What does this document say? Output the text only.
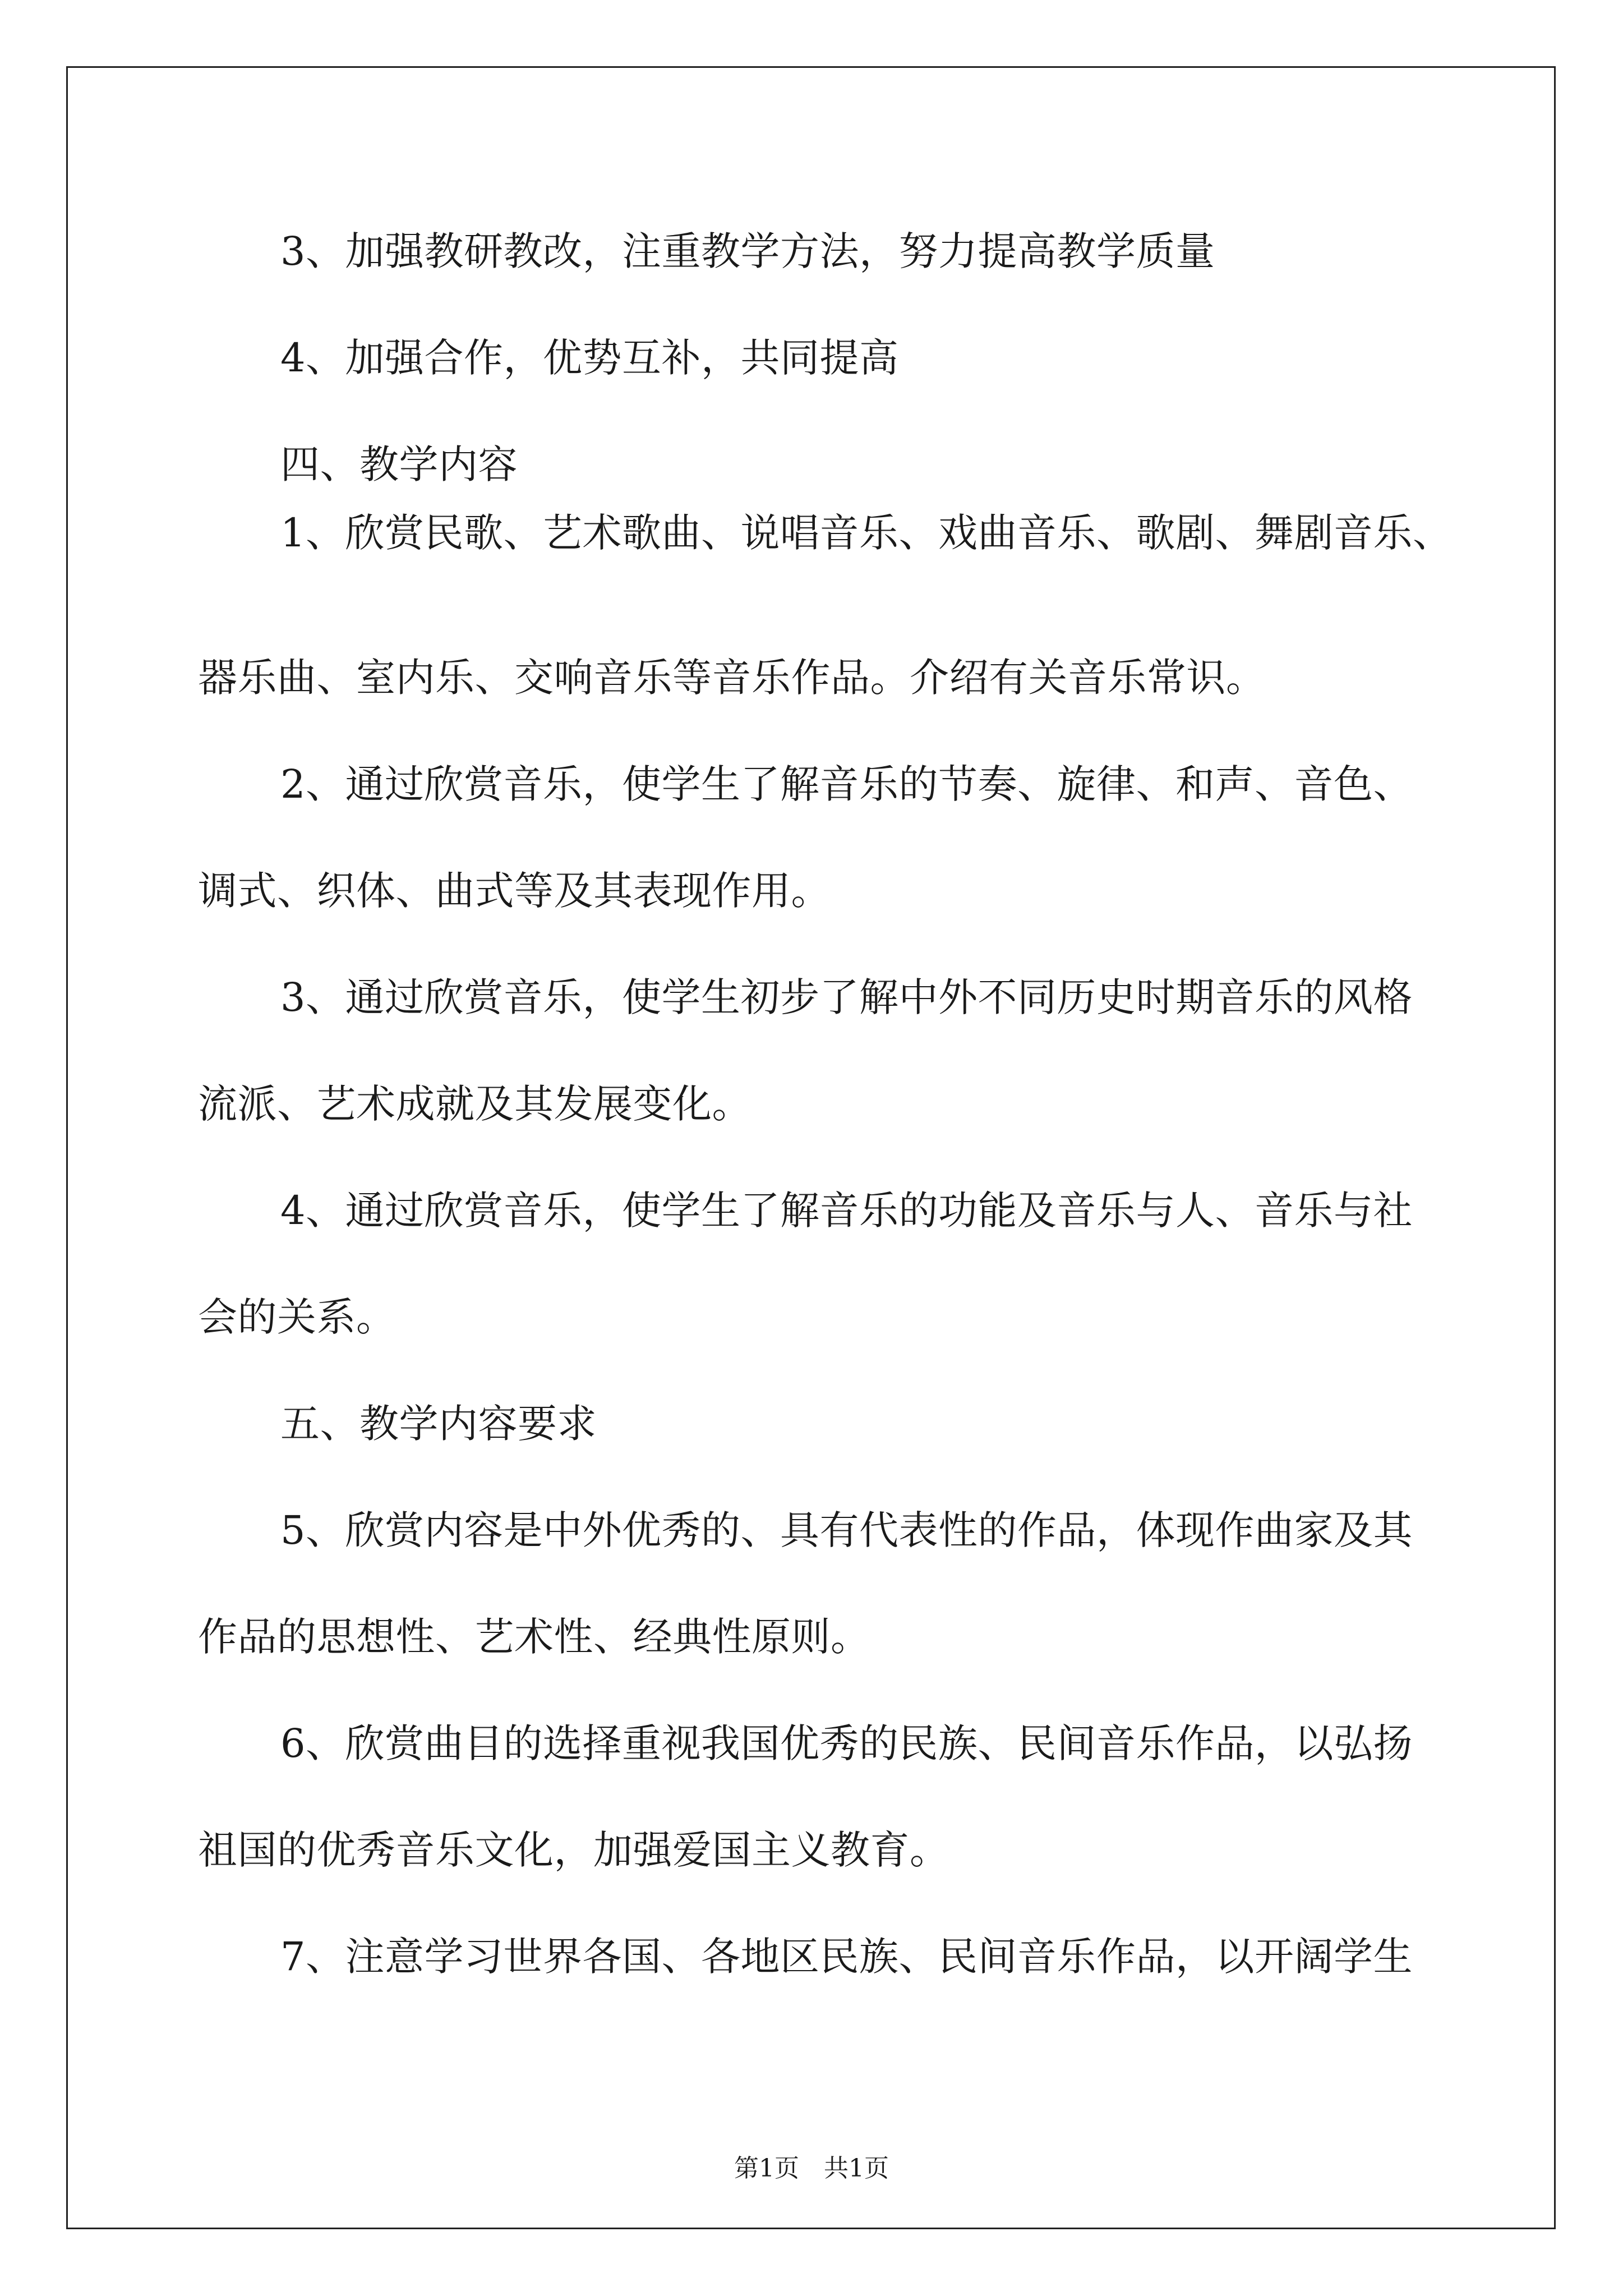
3、加强教研教改，注重教学方法，努力提高教学质量
4、加强合作，优势互补，共同提高
四、教学内容
1、欣赏民歌、艺术歌曲、说唱音乐、戏曲音乐、歌剧、舞剧音乐、
器乐曲、室内乐、交响音乐等音乐作品。介绍有关音乐常识。
2、通过欣赏音乐，使学生了解音乐的节奏、旋律、和声、音色、
调式、织体、曲式等及其表现作用。
3、通过欣赏音乐，使学生初步了解中外不同历史时期音乐的风格
流派、艺术成就及其发展变化。
4、通过欣赏音乐，使学生了解音乐的功能及音乐与人、音乐与社
会的关系。
五、教学内容要求
5、欣赏内容是中外优秀的、具有代表性的作品，体现作曲家及其
作品的思想性、艺术性、经典性原则。
6、欣赏曲目的选择重视我国优秀的民族、民间音乐作品，以弘扬
祖国的优秀音乐文化，加强爱国主义教育。
7、注意学习世界各国、各地区民族、民间音乐作品，以开阔学生
第1页　共1页
